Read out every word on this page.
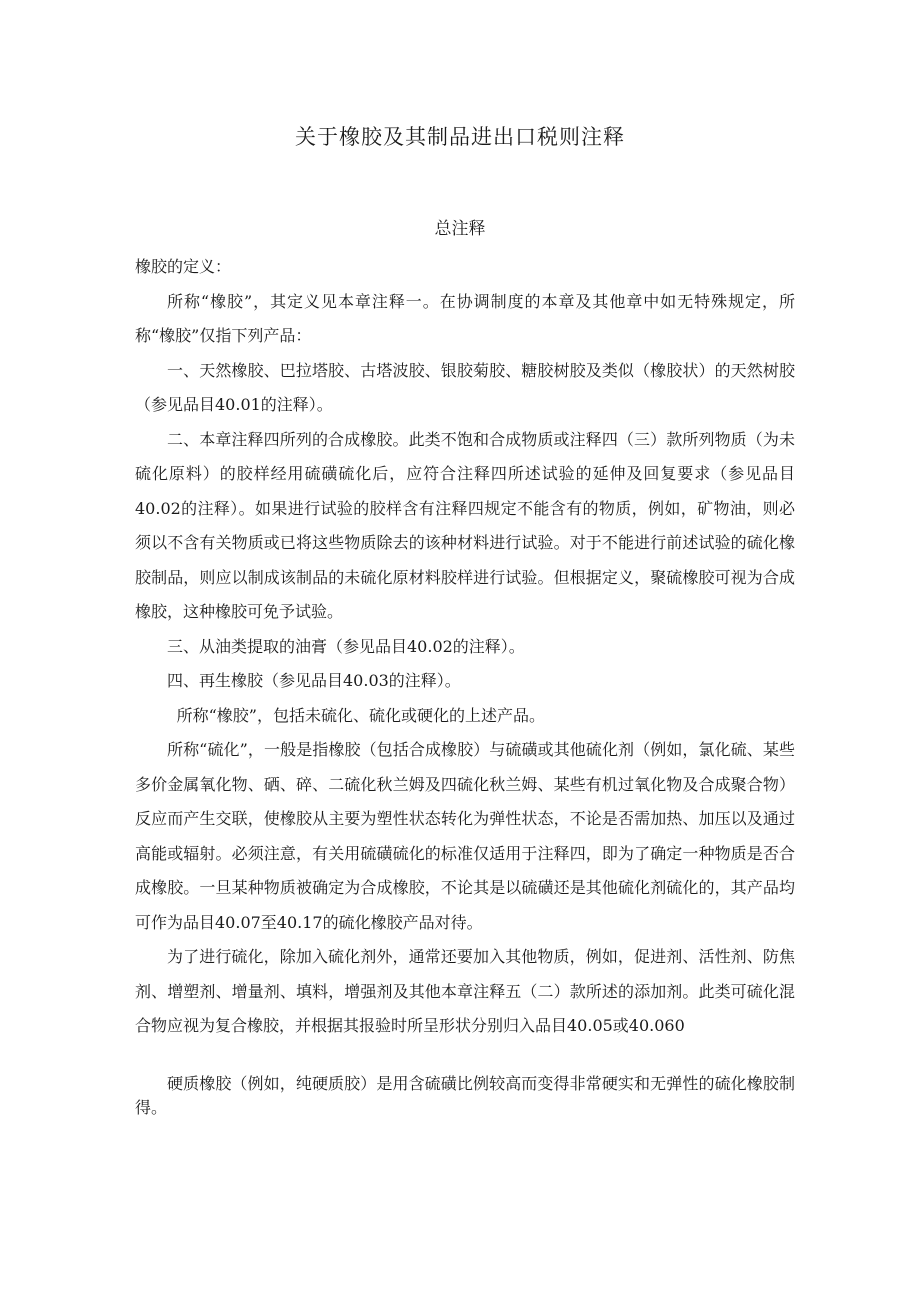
关于橡胶及其制品进出口税则注释
总注释

橡胶的定义：

所称“橡胶”，其定义见本章注释一。在协调制度的本章及其他章中如无特殊规定，所称“橡胶”仅指下列产品：

一、天然橡胶、巴拉塔胶、古塔波胶、银胶菊胶、糖胶树胶及类似（橡胶状）的天然树胶（参见品目40.01的注释）。

二、本章注释四所列的合成橡胶。此类不饱和合成物质或注释四（三）款所列物质（为未硫化原料）的胶样经用硫磺硫化后，应符合注释四所述试验的延伸及回复要求（参见品目40.02的注释）。如果进行试验的胶样含有注释四规定不能含有的物质，例如，矿物油，则必须以不含有关物质或已将这些物质除去的该种材料进行试验。对于不能进行前述试验的硫化橡胶制品，则应以制成该制品的未硫化原材料胶样进行试验。但根据定义，聚硫橡胶可视为合成橡胶，这种橡胶可免予试验。

三、从油类提取的油膏（参见品目40.02的注释）。

四、再生橡胶（参见品目40.03的注释）。

所称“橡胶”，包括未硫化、硫化或硬化的上述产品。

所称“硫化”，一般是指橡胶（包括合成橡胶）与硫磺或其他硫化剂（例如，氯化硫、某些多价金属氧化物、硒、碎、二硫化秋兰姆及四硫化秋兰姆、某些有机过氧化物及合成聚合物）反应而产生交联，使橡胶从主要为塑性状态转化为弹性状态，不论是否需加热、加压以及通过高能或辐射。必须注意，有关用硫磺硫化的标准仅适用于注释四，即为了确定一种物质是否合成橡胶。一旦某种物质被确定为合成橡胶，不论其是以硫磺还是其他硫化剂硫化的，其产品均可作为品目40.07至40.17的硫化橡胶产品对待。

为了进行硫化，除加入硫化剂外，通常还要加入其他物质，例如，促进剂、活性剂、防焦剂、增塑剂、增量剂、填料，增强剂及其他本章注释五（二）款所述的添加剂。此类可硫化混合物应视为复合橡胶，并根据其报验时所呈形状分别归入品目40.05或40.060

硬质橡胶（例如，纯硬质胶）是用含硫磺比例较高而变得非常硬实和无弹性的硫化橡胶制得。
